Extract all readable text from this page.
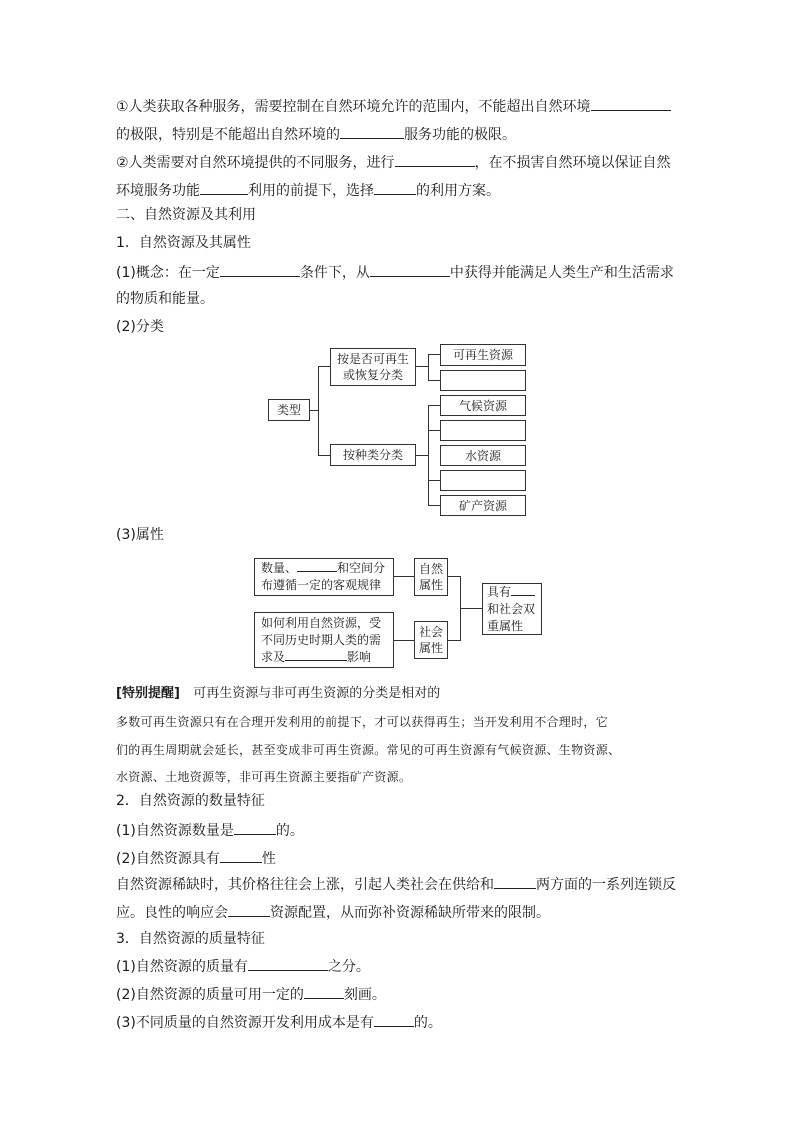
①人类获取各种服务，需要控制在自然环境允许的范围内，不能超出自然环境
的极限，特别是不能超出自然环境的	服务功能的极限。
②人类需要对自然环境提供的不同服务，进行	，在不损害自然环境以保证自然
环境服务功能	利用的前提下，选择	的利用方案。
二、自然资源及其利用
1．自然资源及其属性
(1)概念：在一定	条件下，从	中获得并能满足人类生产和生活需求
的物质和能量。
(2)分类
类型
按是否可再生
或恢复分类
按种类分类
可再生资源
气候资源
水资源
矿产资源
(3)属性
数量、	和空间分
布遵循一定的客观规律
自然
属性
如何利用自然资源，受
不同历史时期人类的需
求及	影响
社会
属性
具有
和社会双
重属性
[特别提醒] 可再生资源与非可再生资源的分类是相对的
多数可再生资源只有在合理开发利用的前提下，才可以获得再生；当开发利用不合理时，它
们的再生周期就会延长，甚至变成非可再生资源。常见的可再生资源有气候资源、生物资源、
水资源、土地资源等，非可再生资源主要指矿产资源。
2．自然资源的数量特征
(1)自然资源数量是	的。
(2)自然资源具有	性
自然资源稀缺时，其价格往往会上涨，引起人类社会在供给和	两方面的一系列连锁反
应。良性的响应会	资源配置，从而弥补资源稀缺所带来的限制。
3．自然资源的质量特征
(1)自然资源的质量有	之分。
(2)自然资源的质量可用一定的	刻画。
(3)不同质量的自然资源开发利用成本是有	的。
